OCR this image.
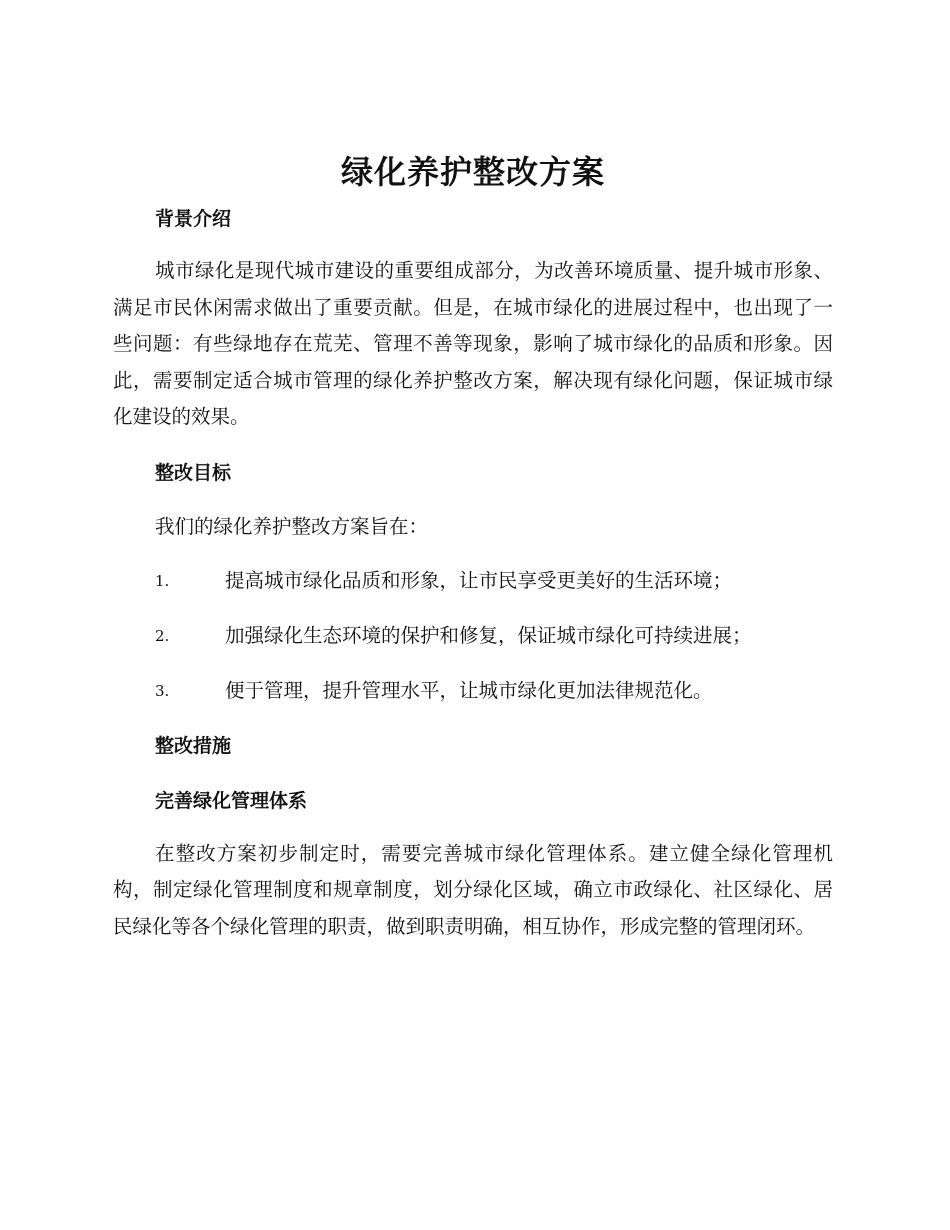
绿化养护整改方案
背景介绍

城市绿化是现代城市建设的重要组成部分，为改善环境质量、提升城市形象、满足市民休闲需求做出了重要贡献。但是，在城市绿化的进展过程中，也出现了一些问题：有些绿地存在荒芜、管理不善等现象，影响了城市绿化的品质和形象。因此，需要制定适合城市管理的绿化养护整改方案，解决现有绿化问题，保证城市绿化建设的效果。

整改目标

我们的绿化养护整改方案旨在：

1.	提高城市绿化品质和形象，让市民享受更美好的生活环境；
2.	加强绿化生态环境的保护和修复，保证城市绿化可持续进展；
3.	便于管理，提升管理水平，让城市绿化更加法律规范化。
整改措施
完善绿化管理体系

在整改方案初步制定时，需要完善城市绿化管理体系。建立健全绿化管理机构，制定绿化管理制度和规章制度，划分绿化区域，确立市政绿化、社区绿化、居民绿化等各个绿化管理的职责，做到职责明确，相互协作，形成完整的管理闭环。
